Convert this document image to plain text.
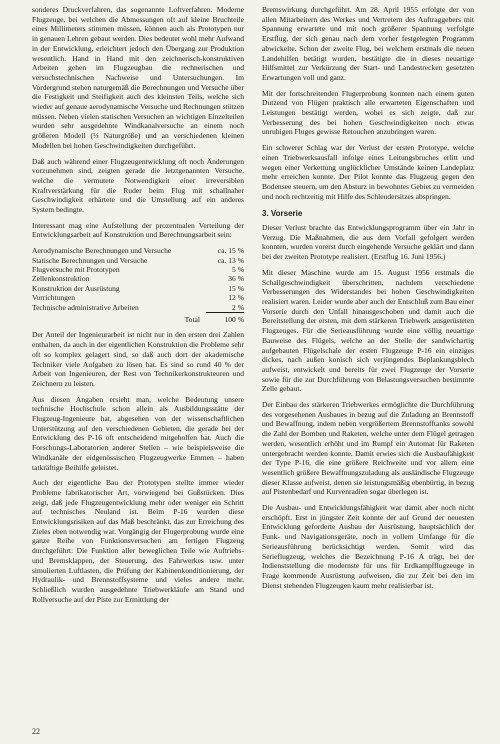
sonderes Druckverfahren, das sogenannte Loftverfahren. Moderne Flugzeuge, bei welchen die Abmessungen oft auf kleine Bruchteile eines Millimeters stimmen müssen, können auch als Prototypen nur in genauen Lehren gebaut werden. Dies bedeutet wohl mehr Aufwand in der Entwicklung, erleichtert jedoch den Übergang zur Produktion wesentlich. Hand in Hand mit den zeichnerisch-konstruktiven Arbeiten gehen im Flugzeugbau die rechnerischen und versuchstechnischen Nachweise und Untersuchungen. Im Vordergrund stehen naturgemäß die Berechnungen und Versuche über die Festigkeit und Steifigkeit auch des kleinsten Teils, welche sich wieder auf genaue aerodynamische Versuche und Rechnungen stützen müssen. Neben vielen statischen Versuchen an wichtigen Einzelteilen wurden sehr ausgedehnte Windkanalversuche an einem noch größeren Modell (⅓ Naturgröße) und an verschiedenen kleinen Modellen bei hohen Geschwindigkeiten durchgeführt.

Daß auch während einer Flugzeugentwicklung oft noch Änderungen vorzunehmen sind, zeigten gerade die letztgenannten Versuche, welche die vermutete Notwendigkeit einer irreversiblen Kraftverstärkung für die Ruder beim Flug mit schallnaher Geschwindigkeit erhärtete und die Umstellung auf ein anderes System bedingte.

Interessant mag eine Aufstellung der prozentualen Verteilung der Entwicklungsarbeit auf Konstruktion und Berechnungsarbeit sein:

Aerodynamische Berechnungen und Versuche	ca. 15 %
Statische Berechnungen und Versuche	ca. 13 %
Flugversuche mit Prototypen	5 %
Zellenkonstruktion	36 %
Konstruktion der Ausrüstung	15 %
Vorrichtungen	12 %
Technische administrative Arbeiten	2 %
Total	100 %

Der Anteil der Ingenieurarbeit ist nicht nur in den ersten drei Zahlen enthalten, da auch in der eigentlichen Konstruktion die Probleme sehr oft so komplex gelagert sind, so daß auch dort der akademische Techniker viele Aufgaben zu lösen hat. Es sind so rund 40 % der Arbeit von Ingenieuren, der Rest von Technikerkonstrukteuren und Zeichnern zu leisten.

Aus diesen Angaben ersieht man, welche Bedeutung unsere technische Hochschule schon allein als Ausbildungsstätte der Flugzeug-Ingenieure hat, abgesehen von der wissenschaftlichen Unterstützung auf den verschiedenen Gebieten, die gerade bei der Entwicklung des P-16 oft entscheidend mitgeholfen hat. Auch die Forschungs-Laboratorien anderer Stellen – wie beispielsweise die Windkanäle der eidgenössischen Flugzeugwerke Emmen – haben tatkräftige Beihilfe geleistet.

Auch der eigentliche Bau der Prototypen stellte immer wieder Probleme fabrikatorischer Art, vorwiegend bei Gußstücken. Dies zeigt, daß jede Flugzeugentwicklung mehr oder weniger ein Schritt auf technisches Neuland ist. Beim P-16 wurden diese Entwicklungsrisiken auf das Maß beschränkt, das zur Erreichung des Zieles eben notwendig war. Vorgängig der Flugerprobung wurde eine ganze Reihe von Funktionsversuchen am fertigen Flugzeug durchgeführt: Die Funktion aller beweglichen Teile wie Auftriebs- und Bremsklappen, der Steuerung, des Fahrwerkes usw. unter simulierten Luftlasten, die Prüfung der Kabinenkonditionierung, der Hydraulik- und Brennstoffsysteme und vieles andere mehr. Schließlich wurden ausgedehnte Triebwerkläufe am Stand und Rollversuche auf der Piste zur Ermittlung der

Bremswirkung durchgeführt. Am 28. April 1955 erfolgte der von allen Mitarbeitern des Werkes und Vertretern des Auftraggebers mit Spannung erwartete und mit noch größerer Spannung verfolgte Erstflug, der sich genau nach dem vorher festgelegten Programm abwickelte. Schon der zweite Flug, bei welchem erstmals die neuen Landehilfen betätigt wurden, bestätigte die in dieses neuartige Hilfsmittel zur Verkürzung der Start- und Landestrecken gesetzten Erwartungen voll und ganz.

Mit der fortschreitenden Flugerprobung konnten nach einem guten Dutzend von Flügen praktisch alle erwarteten Eigenschaften und Leistungen bestätigt werden, wobei es sich zeigte, daß zur Verbesserung des bei hohen Geschwindigkeiten noch etwas unruhigen Fluges gewisse Retouchen anzubringen waren.

Ein schwerer Schlag war der Verlust der ersten Prototype, welche einen Triebwerksausfall infolge eines Leitungsbruches erlitt und wegen einer Verkettung unglücklicher Umstände keinen Landeplatz mehr erreichen konnte. Der Pilot konnte das Flugzeug gegen den Bodensee steuern, um den Absturz in bewohntes Gebiet zu vermeiden und noch rechtzeitig mit Hilfe des Schleudersitzes abspringen.

3. Vorserie

Dieser Verlust brachte das Entwicklungsprogramm über ein Jahr in Verzug. Die Maßnahmen, die aus dem Vorfall gefolgert werden konnten, wurden vorerst durch eingehende Versuche geklärt und dann bei der zweiten Prototype realisiert. (Erstflug 16. Juni 1956.)

Mit dieser Maschine wurde am 15. August 1956 erstmals die Schallgeschwindigkeit überschritten, nachdem verschiedene Verbesserungen des Widerstandes bei hohen Geschwindigkeiten realisiert waren. Leider wurde aber auch der Entschluß zum Bau einer Vorserie durch den Unfall hinausgeschoben und damit auch die Bereitstellung der ersten, mit dem stärkeren Triebwerk ausgerüsteten Flugzeuges. Für die Serieausführung wurde eine völlig neuartige Bauweise des Flügels, welche an der Stelle der sandwichartig aufgebauten Flügelschale der ersten Flugzeuge P-16 ein einziges dickes, nach außen konisch sich verjüngendes Beplankungsblech aufweist, entwickelt und bereits für zwei Flugzeuge der Vorserie sowie für die zur Durchführung von Belastungsversuchen bestimmte Zelle gebaut.

Der Einbau des stärkeren Triebwerkes ermöglichte die Durchführung des vorgesehenen Ausbaues in bezug auf die Zuladung an Brennstoff und Bewaffnung, indem neben vergrößertem Brennstofftanks sowohl die Zahl der Bomben und Raketen, welche unter dem Flügel getragen werden, wesentlich erhöht und im Rumpf ein Automat für Raketen untergebracht werden konnte. Damit erwies sich die Ausbaufähigkeit der Type P-16, die eine größere Reichweite und vor allem eine wesentlich größere Bewaffnungszuladung als ausländische Flugzeuge dieser Klasse aufweist, denen sie leistungsmäßig ebenbürtig, in bezug auf Pistenbedarf und Kurvenradien sogar überlegen ist.

Die Ausbau- und Entwicklungsfähigkeit war damit aber noch nicht erschöpft. Erst in jüngster Zeit konnte der auf Grund der neuesten Entwicklung geforderte Ausbau der Ausrüstung, hauptsächlich der Funk- und Navigationsgeräte, noch in vollem Umfange für die Serieausführung berücksichtigt werden. Somit wird das Serieflugzeug, welches die Bezeichnung P-16 A trägt, bei der Indienststellung die modernste für uns für Erdkampfflugzeuge in Frage kommende Ausrüstung aufweisen, die zur Zeit bei den im Dienst stehenden Flugzeugen kaum mehr realisierbar ist.

22
